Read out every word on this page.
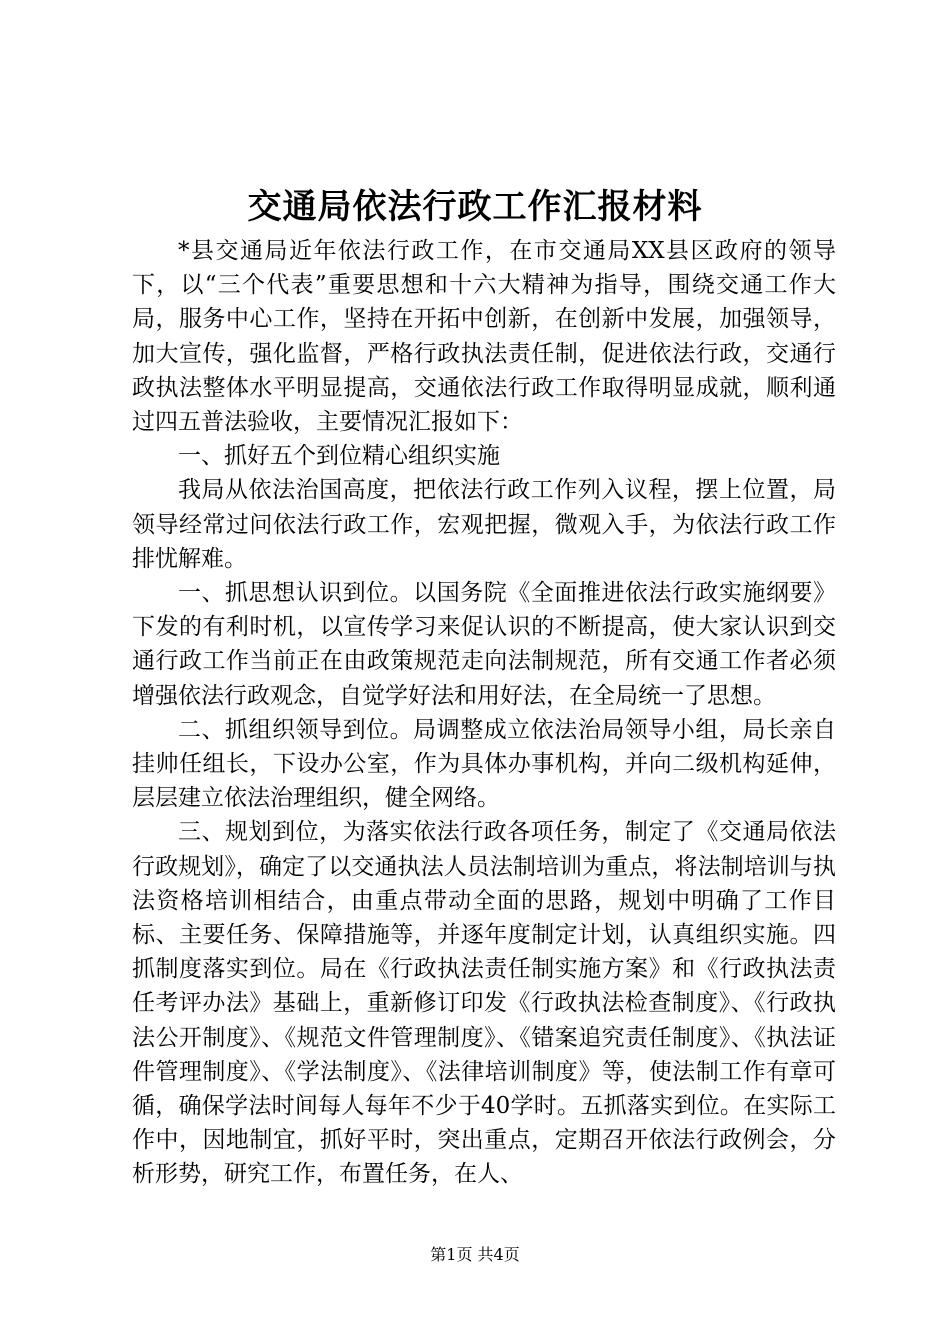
交通局依法行政工作汇报材料

*县交通局近年依法行政工作，在市交通局XX县区政府的领导下，以“三个代表”重要思想和十六大精神为指导，围绕交通工作大局，服务中心工作，坚持在开拓中创新，在创新中发展，加强领导，加大宣传，强化监督，严格行政执法责任制，促进依法行政，交通行政执法整体水平明显提高，交通依法行政工作取得明显成就，顺利通过四五普法验收，主要情况汇报如下：

一、抓好五个到位精心组织实施

我局从依法治国高度，把依法行政工作列入议程，摆上位置，局领导经常过问依法行政工作，宏观把握，微观入手，为依法行政工作排忧解难。

一、抓思想认识到位。以国务院《全面推进依法行政实施纲要》下发的有利时机，以宣传学习来促认识的不断提高，使大家认识到交通行政工作当前正在由政策规范走向法制规范，所有交通工作者必须增强依法行政观念，自觉学好法和用好法，在全局统一了思想。

二、抓组织领导到位。局调整成立依法治局领导小组，局长亲自挂帅任组长，下设办公室，作为具体办事机构，并向二级机构延伸，层层建立依法治理组织，健全网络。

三、规划到位，为落实依法行政各项任务，制定了《交通局依法行政规划》，确定了以交通执法人员法制培训为重点，将法制培训与执法资格培训相结合，由重点带动全面的思路，规划中明确了工作目标、主要任务、保障措施等，并逐年度制定计划，认真组织实施。四抓制度落实到位。局在《行政执法责任制实施方案》和《行政执法责任考评办法》基础上，重新修订印发《行政执法检查制度》、《行政执法公开制度》、《规范文件管理制度》、《错案追究责任制度》、《执法证件管理制度》、《学法制度》、《法律培训制度》等，使法制工作有章可循，确保学法时间每人每年不少于40学时。五抓落实到位。在实际工作中，因地制宜，抓好平时，突出重点，定期召开依法行政例会，分析形势，研究工作，布置任务，在人、

第1页 共4页
